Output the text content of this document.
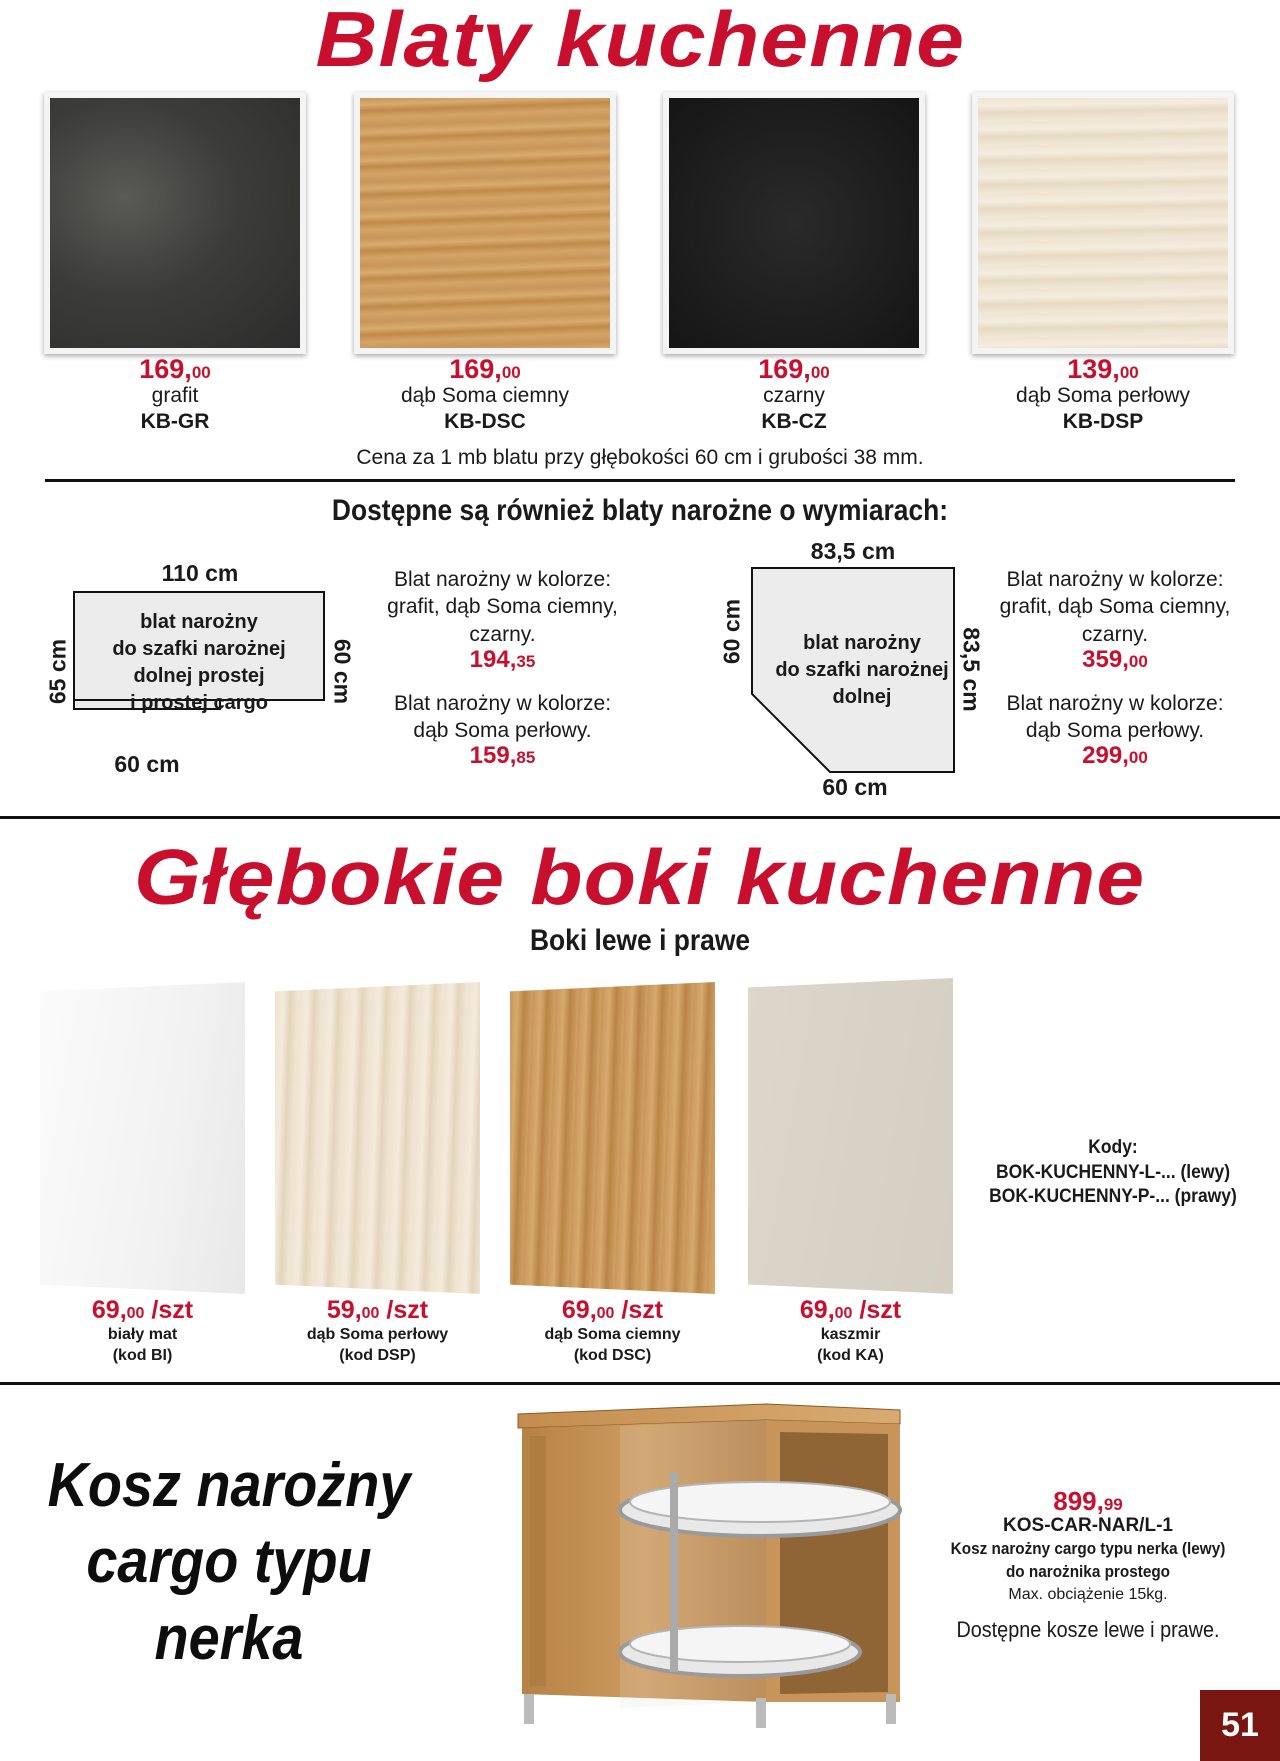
Blaty kuchenne
169,00
grafit
KB-GR
169,00
dąb Soma ciemny
KB-DSC
169,00
czarny
KB-CZ
139,00
dąb Soma perłowy
KB-DSP
Cena za 1 mb blatu przy głębokości 60 cm i grubości 38 mm.
Dostępne są również blaty narożne o wymiarach:
110 cm
65 cm	60 cm
60 cm
blat narożny
do szafki narożnej
dolnej prostej
i prostej cargo
Blat narożny w kolorze:
grafit, dąb Soma ciemny,
czarny.
194,35
Blat narożny w kolorze:
dąb Soma perłowy.
159,85
83,5 cm
60 cm	83,5 cm
60 cm
blat narożny
do szafki narożnej
dolnej
Blat narożny w kolorze:
grafit, dąb Soma ciemny,
czarny.
359,00
Blat narożny w kolorze:
dąb Soma perłowy.
299,00
Głębokie boki kuchenne
Boki lewe i prawe
69,00 /szt
biały mat
(kod BI)
59,00 /szt
dąb Soma perłowy
(kod DSP)
69,00 /szt
dąb Soma ciemny
(kod DSC)
69,00 /szt
kaszmir
(kod KA)
Kody:
BOK-KUCHENNY-L-... (lewy)
BOK-KUCHENNY-P-... (prawy)
Kosz narożny
cargo typu
nerka
899,99
KOS-CAR-NAR/L-1
Kosz narożny cargo typu nerka (lewy)
do narożnika prostego
Max. obciążenie 15kg.
Dostępne kosze lewe i prawe.
51
